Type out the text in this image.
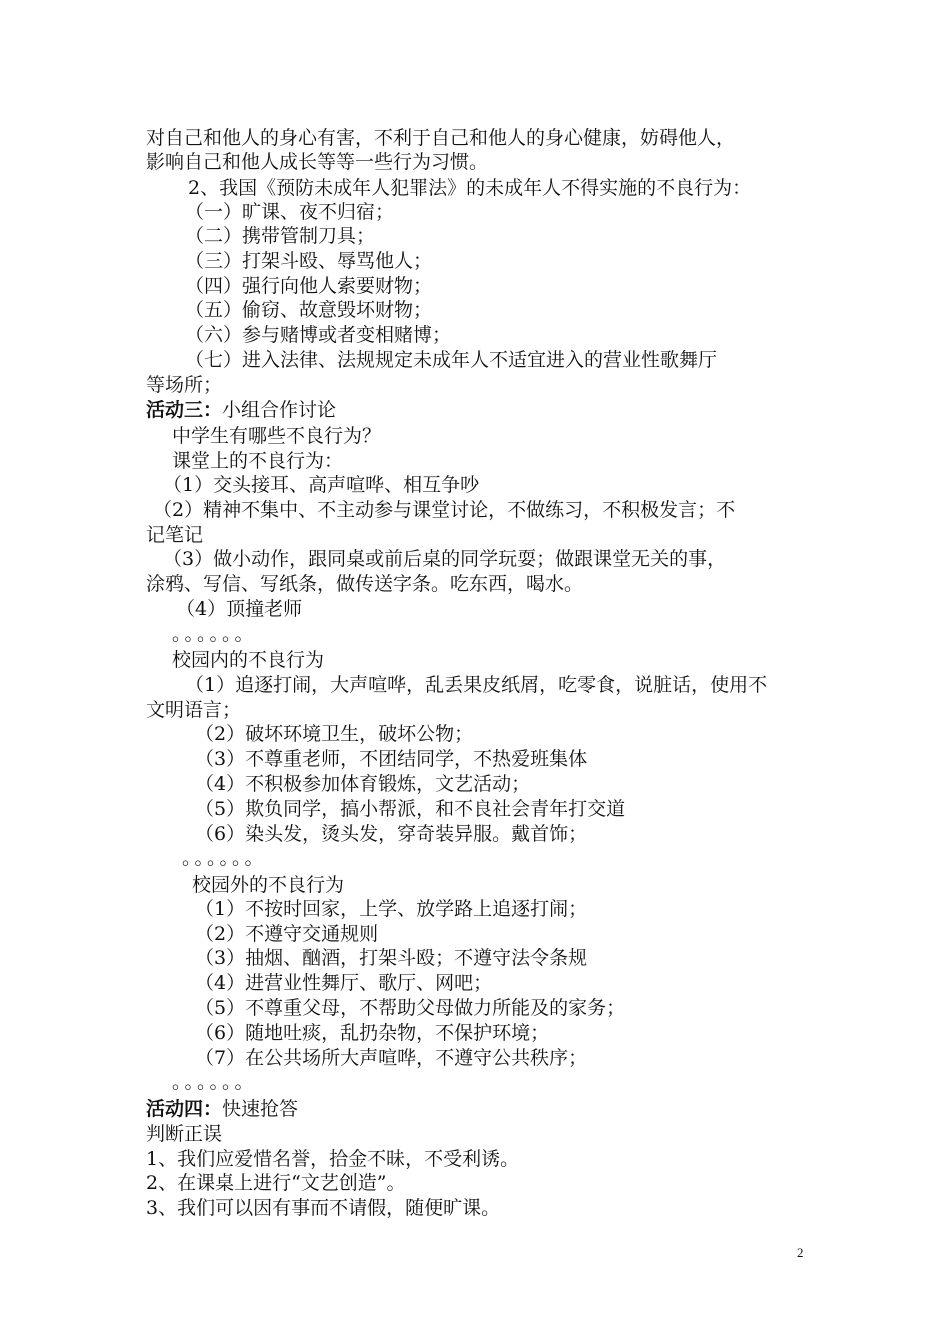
对自己和他人的身心有害，不利于自己和他人的身心健康，妨碍他人，
影响自己和他人成长等等一些行为习惯。
2、我国《预防未成年人犯罪法》的未成年人不得实施的不良行为：
（一）旷课、夜不归宿；
（二）携带管制刀具；
（三）打架斗殴、辱骂他人；
（四）强行向他人索要财物；
（五）偷窃、故意毁坏财物；
（六）参与赌博或者变相赌博；
（七）进入法律、法规规定未成年人不适宜进入的营业性歌舞厅
等场所；
活动三：小组合作讨论
中学生有哪些不良行为？
课堂上的不良行为：
（1）交头接耳、高声喧哗、相互争吵
（2）精神不集中、不主动参与课堂讨论，不做练习，不积极发言；不
记笔记
（3）做小动作，跟同桌或前后桌的同学玩耍；做跟课堂无关的事，
涂鸦、写信、写纸条，做传送字条。吃东西，喝水。
（4）顶撞老师
。。。。。。
校园内的不良行为
（1）追逐打闹，大声喧哗，乱丢果皮纸屑，吃零食，说脏话，使用不
文明语言；
（2）破坏环境卫生，破坏公物；
（3）不尊重老师，不团结同学，不热爱班集体
（4）不积极参加体育锻炼，文艺活动；
（5）欺负同学，搞小帮派，和不良社会青年打交道
（6）染头发，烫头发，穿奇装异服。戴首饰；
。。。。。。
校园外的不良行为
（1）不按时回家，上学、放学路上追逐打闹；
（2）不遵守交通规则
（3）抽烟、酗酒，打架斗殴；不遵守法令条规
（4）进营业性舞厅、歌厅、网吧；
（5）不尊重父母，不帮助父母做力所能及的家务；
（6）随地吐痰，乱扔杂物，不保护环境；
（7）在公共场所大声喧哗，不遵守公共秩序；
。。。。。。
活动四：快速抢答
判断正误
1、我们应爱惜名誉，拾金不昧，不受利诱。
2、在课桌上进行“文艺创造”。
3、我们可以因有事而不请假，随便旷课。
2
